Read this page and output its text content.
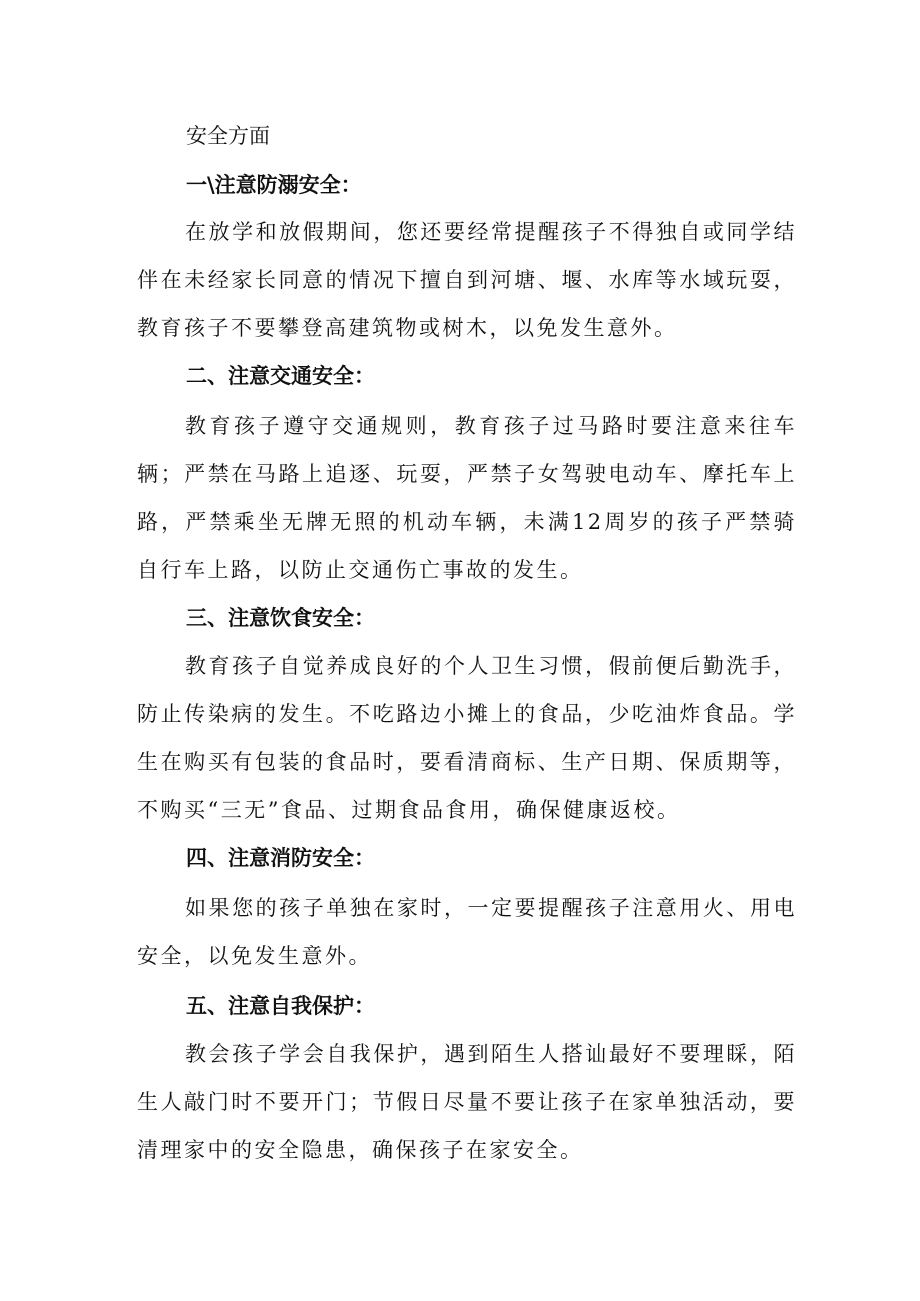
安全方面
一\注意防溺安全：
在放学和放假期间，您还要经常提醒孩子不得独自或同学结伴在未经家长同意的情况下擅自到河塘、堰、水库等水域玩耍，教育孩子不要攀登高建筑物或树木，以免发生意外。
二、注意交通安全：
教育孩子遵守交通规则，教育孩子过马路时要注意来往车辆；严禁在马路上追逐、玩耍，严禁子女驾驶电动车、摩托车上路，严禁乘坐无牌无照的机动车辆，未满12周岁的孩子严禁骑自行车上路，以防止交通伤亡事故的发生。
三、注意饮食安全：
教育孩子自觉养成良好的个人卫生习惯，假前便后勤洗手，防止传染病的发生。不吃路边小摊上的食品，少吃油炸食品。学生在购买有包装的食品时，要看清商标、生产日期、保质期等，不购买“三无”食品、过期食品食用，确保健康返校。
四、注意消防安全：
如果您的孩子单独在家时，一定要提醒孩子注意用火、用电安全，以免发生意外。
五、注意自我保护：
教会孩子学会自我保护，遇到陌生人搭讪最好不要理睬，陌生人敲门时不要开门；节假日尽量不要让孩子在家单独活动，要清理家中的安全隐患，确保孩子在家安全。
